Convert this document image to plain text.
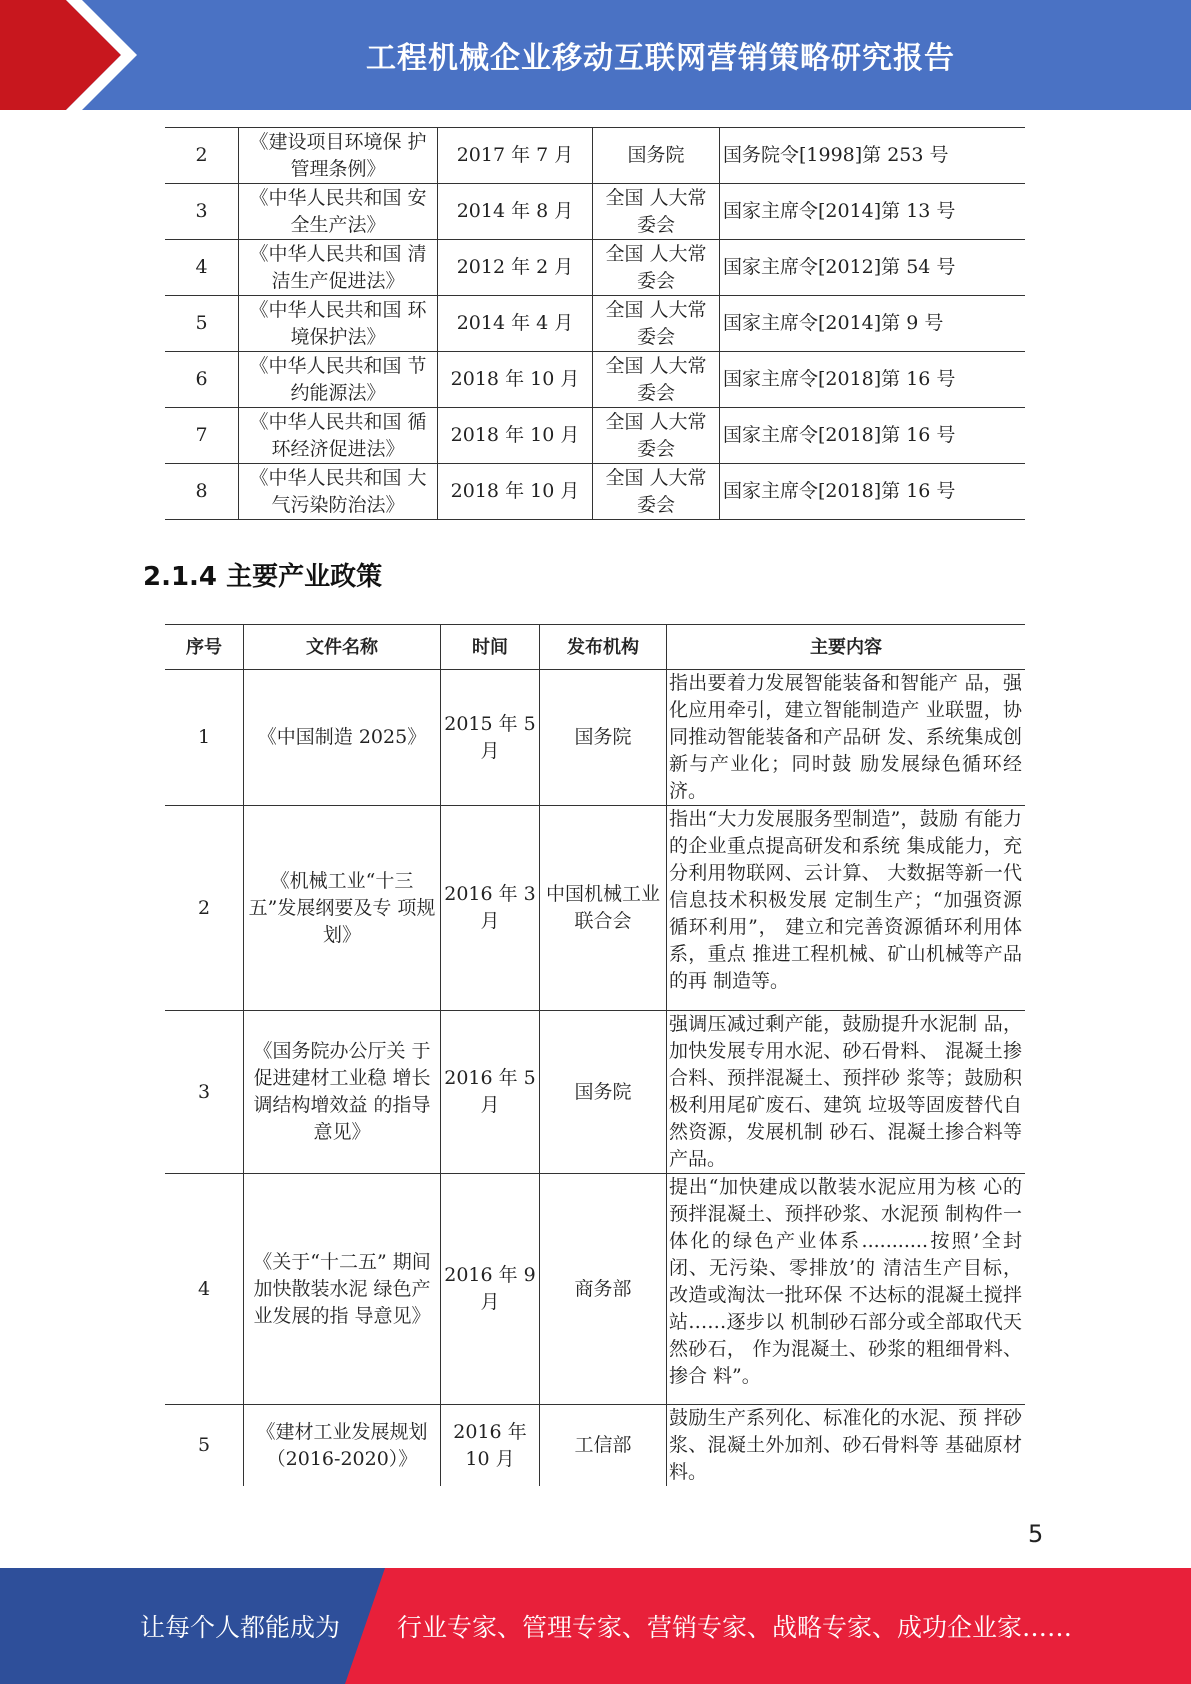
工程机械企业移动互联网营销策略研究报告
2	《建设项目环境保 护管理条例》	2017 年 7 月	国务院	国务院令[1998]第 253 号
3	《中华人民共和国 安全生产法》	2014 年 8 月	全国 人大常委会	国家主席令[2014]第 13 号
4	《中华人民共和国 清洁生产促进法》	2012 年 2 月	全国 人大常委会	国家主席令[2012]第 54 号
5	《中华人民共和国 环境保护法》	2014 年 4 月	全国 人大常委会	国家主席令[2014]第 9 号
6	《中华人民共和国 节约能源法》	2018 年 10 月	全国 人大常委会	国家主席令[2018]第 16 号
7	《中华人民共和国 循环经济促进法》	2018 年 10 月	全国 人大常委会	国家主席令[2018]第 16 号
8	《中华人民共和国 大气污染防治法》	2018 年 10 月	全国 人大常委会	国家主席令[2018]第 16 号
2.1.4 主要产业政策
序号	文件名称	时间	发布机构	主要内容
1	《中国制造 2025》	2015 年 5 月	国务院	指出要着力发展智能装备和智能产 品，强化应用牵引，建立智能制造产 业联盟，协同推动智能装备和产品研 发、系统集成创新与产业化；同时鼓 励发展绿色循环经济。
2	《机械工业“十三五”发展纲要及专 项规划》	2016 年 3 月	中国机械工业联合会	指出“大力发展服务型制造”，鼓励 有能力的企业重点提高研发和系统 集成能力，充分利用物联网、云计算、 大数据等新一代信息技术积极发展 定制生产；“加强资源循环利用”， 建立和完善资源循环利用体系，重点 推进工程机械、矿山机械等产品的再 制造等。
3	《国务院办公厅关 于促进建材工业稳 增长调结构增效益 的指导意见》	2016 年 5 月	国务院	强调压减过剩产能，鼓励提升水泥制 品，加快发展专用水泥、砂石骨料、 混凝土掺合料、预拌混凝土、预拌砂 浆等；鼓励积极利用尾矿废石、建筑 垃圾等固废替代自然资源，发展机制 砂石、混凝土掺合料等产品。
4	《关于“十二五” 期间加快散装水泥 绿色产业发展的指 导意见》	2016 年 9 月	商务部	提出“加快建成以散装水泥应用为核 心的预拌混凝土、预拌砂浆、水泥预 制构件一体化的绿色产业体系...........按照’全封闭、无污染、零排放’的 清洁生产目标，改造或淘汰一批环保 不达标的混凝土搅拌站……逐步以 机制砂石部分或全部取代天然砂石， 作为混凝土、砂浆的粗细骨料、掺合 料”。
5	《建材工业发展规划（2016-2020）》	2016 年 10 月	工信部	鼓励生产系列化、标准化的水泥、预 拌砂浆、混凝土外加剂、砂石骨料等 基础原材料。
5
让每个人都能成为 行业专家、管理专家、营销专家、战略专家、成功企业家……
